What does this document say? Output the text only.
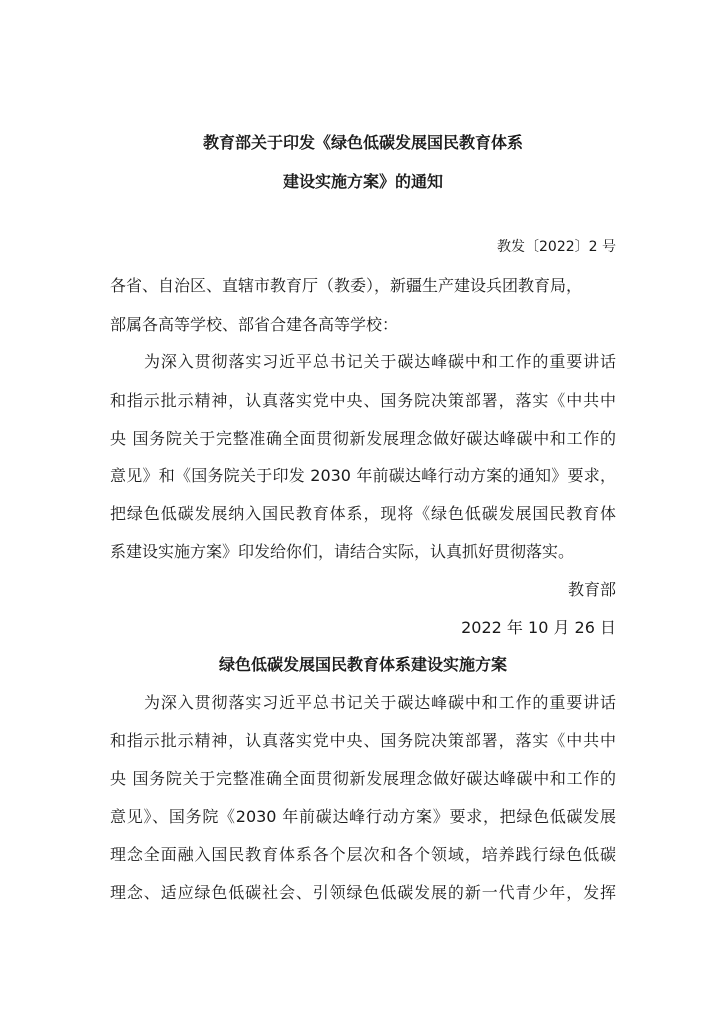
教育部关于印发《绿色低碳发展国民教育体系
建设实施方案》的通知
教发〔2022〕2 号
各省、自治区、直辖市教育厅（教委），新疆生产建设兵团教育局，
部属各高等学校、部省合建各高等学校：
为深入贯彻落实习近平总书记关于碳达峰碳中和工作的重要讲话
和指示批示精神，认真落实党中央、国务院决策部署，落实《中共中
央 国务院关于完整准确全面贯彻新发展理念做好碳达峰碳中和工作的
意见》和《国务院关于印发 2030 年前碳达峰行动方案的通知》要求，
把绿色低碳发展纳入国民教育体系，现将《绿色低碳发展国民教育体
系建设实施方案》印发给你们，请结合实际，认真抓好贯彻落实。
教育部
2022 年 10 月 26 日
绿色低碳发展国民教育体系建设实施方案
为深入贯彻落实习近平总书记关于碳达峰碳中和工作的重要讲话
和指示批示精神，认真落实党中央、国务院决策部署，落实《中共中
央 国务院关于完整准确全面贯彻新发展理念做好碳达峰碳中和工作的
意见》、国务院《2030 年前碳达峰行动方案》要求，把绿色低碳发展
理念全面融入国民教育体系各个层次和各个领域，培养践行绿色低碳
理念、适应绿色低碳社会、引领绿色低碳发展的新一代青少年，发挥
